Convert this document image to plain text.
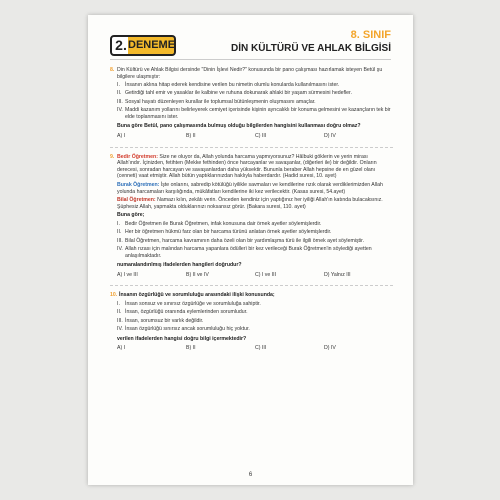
2. DENEME
8. SINIF
DİN KÜLTÜRÜ VE AHLAK BİLGİSİ
8. Din Kültürü ve Ahlak Bilgisi dersinde "Dinin İşlevi Nedir?" konusunda bir pano çalışması hazırlamak isteyen Betül şu bilgilere ulaşmıştır:
I. İnsanın aklına hitap ederek kendisine verilen bu nimetin olumlu konularda kullanılmasını ister.
II. Getirdiği tahl emir ve yasaklar ile kalbine ve ruhuna dokunarak ahlaki bir yaşam sürmesini hedefler.
III. Sosyal hayatı düzenleyen kurallar ile toplumsal bütünleşmenin oluşmasını amaçlar.
IV. Maddi kazanım yollarını belirleyerek cemiyet içerisinde kişinin ayrıcalıklı bir konuma gelmesini ve kazançların tek bir elde toplanmasını ister.
Buna göre Betül, pano çalışmasında bulmuş olduğu bilgilerden hangisini kullanması doğru olmaz?
A) I	B) II	C) III	D) IV
9. Bedir Öğretmen: Size ne oluyor da, Allah yolunda harcama yapmıyorsunuz? Hâlbuki göklerin ve yerin mirası Allah'ındır. İçinizden, fetihten (Mekke fethinden) önce harcayanlar ve savaşanlar, (diğerleri ile) bir değildir. Onların derecesi, sonradan harcayan ve savaşanlardan daha yüksektir. Bununla beraber Allah hepsine de en güzel olanı (cenneti) vaat etmiştir. Allah bütün yaptıklarınızdan haklıyla haberdardır. (Hadid suresi, 10. ayet)
Burak Öğretmen: İşte onlarını, sabredip kötülüğü iyilikle savmaları ve kendilerine rızık olarak verdiklerimizden Allah yolunda harcamaları karşılığında, mükâfatları kendilerine iki kez verilecektir. (Kasas suresi, 54.ayet)
Bilal Öğretmen: Namazı kılın, zekâtı verin. Önceden kendiniz için yaptığınız her iyiliği Allah'ın katında bulacaksınız. Şüphesiz Allah, yapmakta olduklarınızı noksansız görür. (Bakara suresi, 110. ayet)
Buna göre;
I. Bedir Öğretmen ile Burak Öğretmen, infak konusuna dair örnek ayetler söylemişlerdir.
II. Her bir öğretmen hükmü farz olan bir harcama türünü anlatan örnek ayetler söylemişlerdir.
III. Bilal Öğretmen, harcama kavramının daha özeli olan bir yardımlaşma türü ile ilgili örnek ayet söylemiştir.
IV. Allah rızası için malından harcama yapanlara ödüllerì bir kez verileceği Burak Öğretmen'in söylediği ayetten anlaşılmaktadır.
numaralandırılmış ifadelerden hangileri doğrudur?
A) I ve III	B) II ve IV	C) I ve III	D) Yalnız III
10. İnsanın özgürlüğü ve sorumluluğu arasındaki ilişki konusunda;
I. İnsan sonsuz ve sınırsız özgürlüğe ve sorumluluğa sahiptir.
II. İnsan, özgürlüğü oranında eylemlerinden sorumludur.
III. İnsan, sorumsuz bir varlık değildir.
IV. İnsan özgürlüğü sınırsız ancak sorumluluğu hiç yoktur.
verilen ifadelerden hangisi doğru bilgi içermektedir?
A) I	B) II	C) III	D) IV
6
